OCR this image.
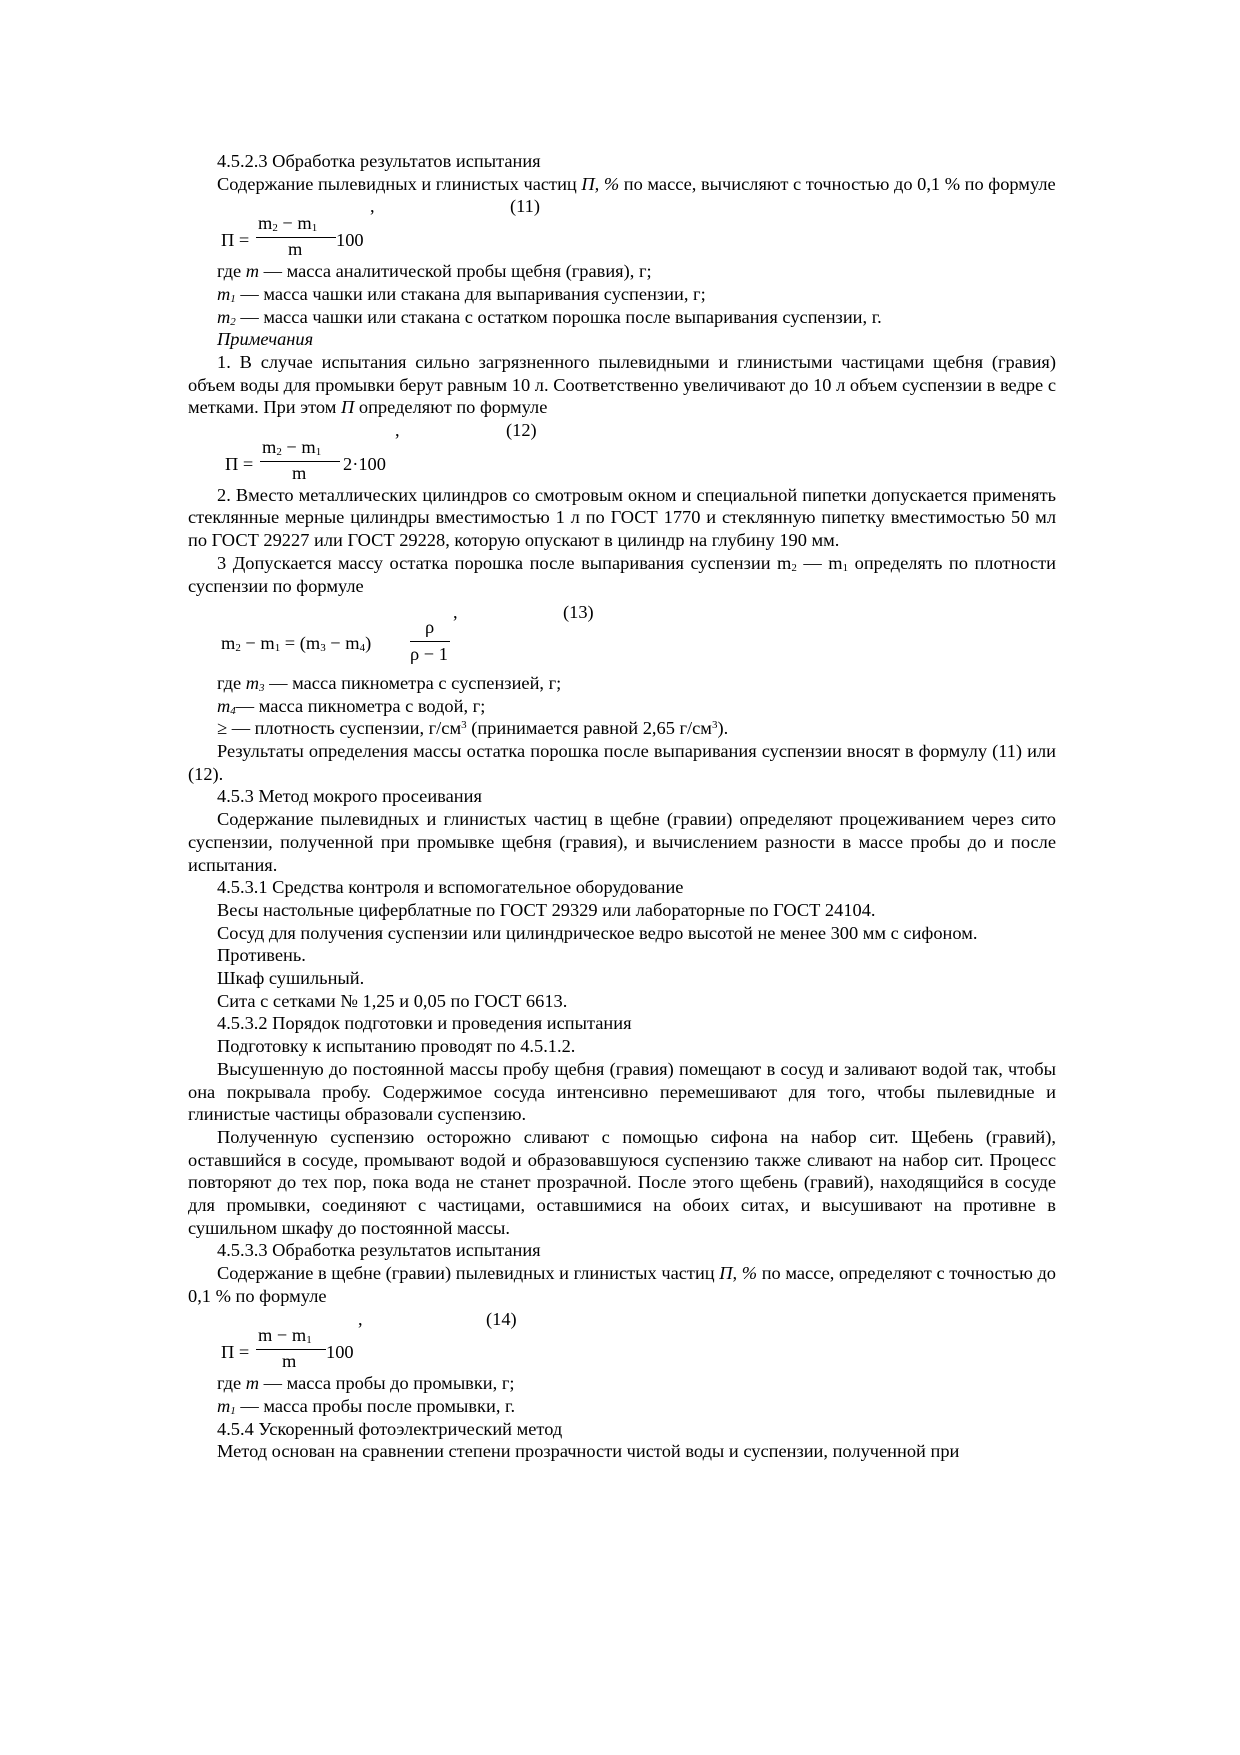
4.5.2.3 Обработка результатов испытания

Содержание пылевидных и глинистых частиц П, % по массе, вычисляют с точностью до 0,1 % по формуле

,	(11)
П =
$m_2 - m_1$
m 100

где m — масса аналитической пробы щебня (гравия), г;

$m_1$ — масса чашки или стакана для выпаривания суспензии, г;

$m_2$ — масса чашки или стакана с остатком порошка после выпаривания суспензии, г.

Примечания

1. В случае испытания сильно загрязненного пылевидными и глинистыми частицами щебня (гравия) объем воды для промывки берут равным 10 л. Соответственно увеличивают до 10 л объем суспензии в ведре с метками. При этом П определяют по формуле

,	(12)
П =
$m_2 - m_1$
m 2·100

2. Вместо металлических цилиндров со смотровым окном и специальной пипетки допускается применять стеклянные мерные цилиндры вместимостью 1 л по ГОСТ 1770 и стеклянную пипетку вместимостью 50 мл по ГОСТ 29227 или ГОСТ 29228, которую опускают в цилиндр на глубину 190 мм.

3 Допускается массу остатка порошка после выпаривания суспензии $m_2$ — $m_1$ определять по плотности суспензии по формуле

,	(13)
$m_2 - m_1 = (m_3 - m_4)$
ρ
ρ − 1

где $m_3$ — масса пикнометра с суспензией, г;

$m_4—$ масса пикнометра с водой, г;

≥ — плотность суспензии, $г/см^3$ (принимается равной 2,65 $г/см^3$).

Результаты определения массы остатка порошка после выпаривания суспензии вносят в формулу (11) или (12).

4.5.3 Метод мокрого просеивания

Содержание пылевидных и глинистых частиц в щебне (гравии) определяют процеживанием через сито суспензии, полученной при промывке щебня (гравия), и вычислением разности в массе пробы до и после испытания.

4.5.3.1 Средства контроля и вспомогательное оборудование

Весы настольные циферблатные по ГОСТ 29329 или лабораторные по ГОСТ 24104.

Сосуд для получения суспензии или цилиндрическое ведро высотой не менее 300 мм с сифоном.

Противень.

Шкаф сушильный.

Сита с сетками № 1,25 и 0,05 по ГОСТ 6613.

4.5.3.2 Порядок подготовки и проведения испытания

Подготовку к испытанию проводят по 4.5.1.2.

Высушенную до постоянной массы пробу щебня (гравия) помещают в сосуд и заливают водой так, чтобы она покрывала пробу. Содержимое сосуда интенсивно перемешивают для того, чтобы пылевидные и глинистые частицы образовали суспензию.

Полученную суспензию осторожно сливают с помощью сифона на набор сит. Щебень (гравий), оставшийся в сосуде, промывают водой и образовавшуюся суспензию также сливают на набор сит. Процесс повторяют до тех пор, пока вода не станет прозрачной. После этого щебень (гравий), находящийся в сосуде для промывки, соединяют с частицами, оставшимися на обоих ситах, и высушивают на противне в сушильном шкафу до постоянной массы.

4.5.3.3 Обработка результатов испытания

Содержание в щебне (гравии) пылевидных и глинистых частиц П, % по массе, определяют с точностью до 0,1 % по формуле

,	(14)
П =
$m - m_1$
m 100

где m — масса пробы до промывки, г;

$m_1$ — масса пробы после промывки, г.

4.5.4 Ускоренный фотоэлектрический метод

Метод основан на сравнении степени прозрачности чистой воды и суспензии, полученной при
